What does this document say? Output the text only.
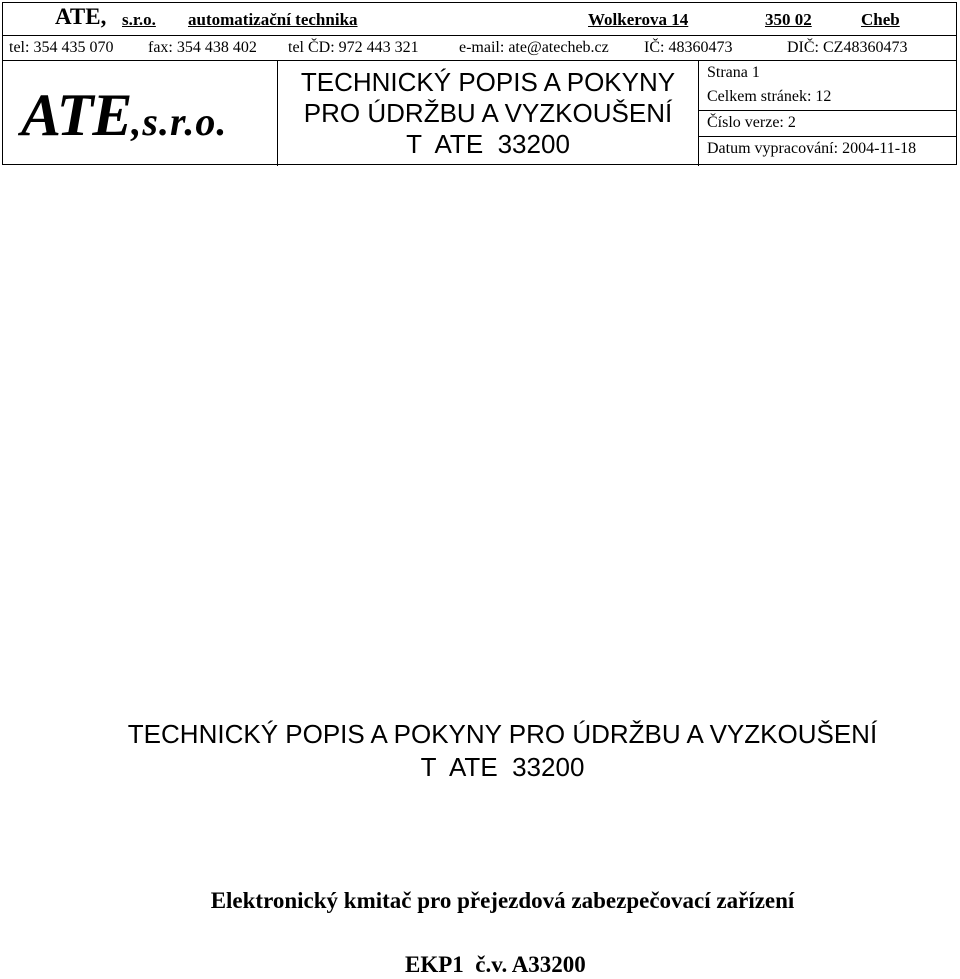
ATE, s.r.o. automatizační technika	Wolkerova 14	350 02	Cheb
tel: 354 435 070 fax: 354 438 402 tel ČD: 972 443 321	e-mail: ate@atecheb.cz IČ: 48360473	DIČ: CZ48360473
ATE,s.r.o.
TECHNICKÝ POPIS A POKYNY
PRO ÚDRŽBU A VYZKOUŠENÍ
T  ATE  33200
Strana 1
Celkem stránek: 12
Číslo verze: 2
Datum vypracování: 2004-11-18
TECHNICKÝ POPIS A POKYNY PRO ÚDRŽBU A VYZKOUŠENÍ
T  ATE  33200
Elektronický kmitač pro přejezdová zabezpečovací zařízení
EKP1  č.v. A33200
